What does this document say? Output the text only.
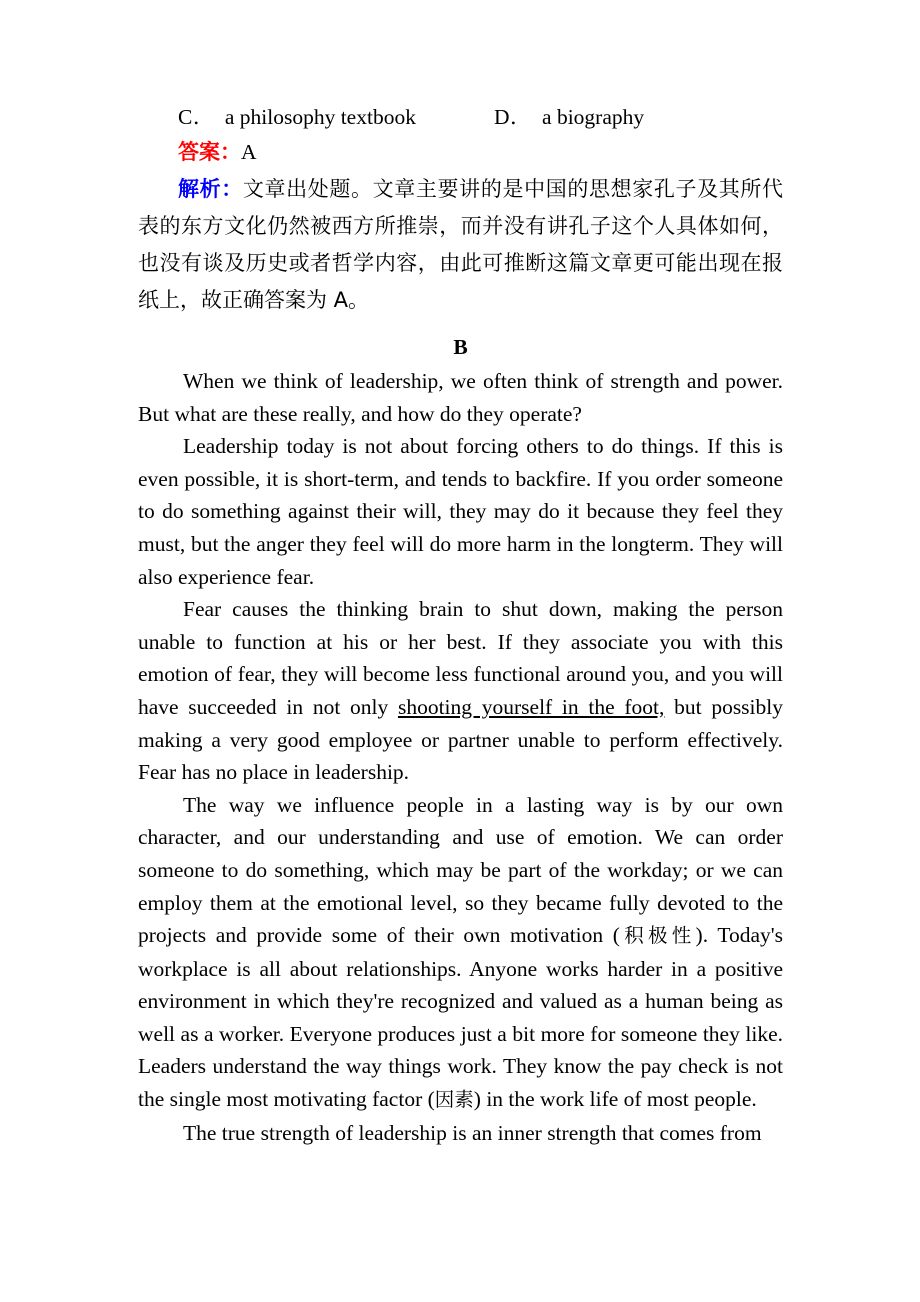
C． a philosophy textbook	D． a biography
答案：A
解析：文章出处题。文章主要讲的是中国的思想家孔子及其所代表的东方文化仍然被西方所推崇，而并没有讲孔子这个人具体如何，也没有谈及历史或者哲学内容，由此可推断这篇文章更可能出现在报纸上，故正确答案为 A。
B

When we think of leadership, we often think of strength and power. But what are these really, and how do they operate?

Leadership today is not about forcing others to do things. If this is even possible, it is short-term, and tends to backfire. If you order someone to do something against their will, they may do it because they feel they must, but the anger they feel will do more harm in the longterm. They will also experience fear.

Fear causes the thinking brain to shut down, making the person unable to function at his or her best. If they associate you with this emotion of fear, they will become less functional around you, and you will have succeeded in not only shooting yourself in the foot, but possibly making a very good employee or partner unable to perform effectively. Fear has no place in leadership.

The way we influence people in a lasting way is by our own character, and our understanding and use of emotion. We can order someone to do something, which may be part of the workday; or we can employ them at the emotional level, so they became fully devoted to the projects and provide some of their own motivation (积极性). Today's workplace is all about relationships. Anyone works harder in a positive environment in which they're recognized and valued as a human being as well as a worker. Everyone produces just a bit more for someone they like. Leaders understand the way things work. They know the pay check is not the single most motivating factor (因素) in the work life of most people.

The true strength of leadership is an inner strength that comes from
